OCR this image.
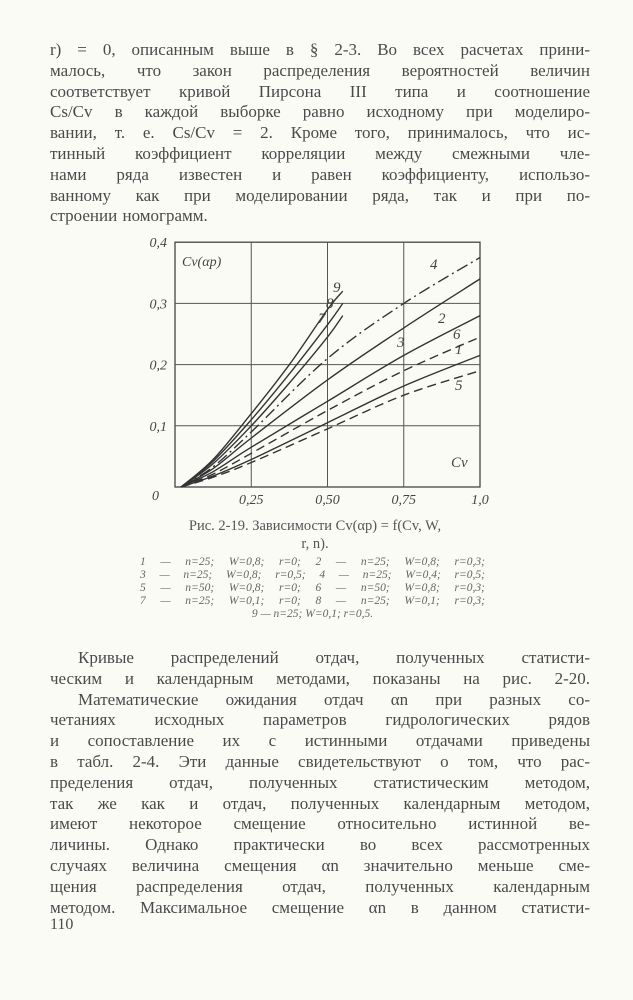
r) = 0, описанным выше в § 2-3. Во всех расчетах прини-
малось, что закон распределения вероятностей величин
соответствует кривой Пирсона III типа и соотношение
Cs/Cv в каждой выборке равно исходному при моделиро-
вании, т. е. Cs/Cv = 2. Кроме того, принималось, что ис-
тинный коэффициент корреляции между смежными чле-
нами ряда известен и равен коэффициенту, использо-
ванному как при моделировании ряда, так и при по-
строении номограмм.
0,25	0,50	0,75	1,0
0,1
0,2
0,3
0,4
0
Cv(αp)
Cv
1
2
3
4
5
6
7
8
9
Рис. 2-19. Зависимости Cv(αp) = f(Cv, W,
r, n).
1 — n=25; W=0,8; r=0; 2 — n=25; W=0,8; r=0,3;
3 — n=25; W=0,8; r=0,5; 4 — n=25; W=0,4; r=0,5;
5 — n=50; W=0,8; r=0; 6 — n=50; W=0,8; r=0,3;
7 — n=25; W=0,1; r=0; 8 — n=25; W=0,1; r=0,3;
9 — n=25; W=0,1; r=0,5.
Кривые распределений отдач, полученных статисти-
ческим и календарным методами, показаны на рис. 2-20.
Математические ожидания отдач αn при разных со-
четаниях исходных параметров гидрологических рядов
и сопоставление их с истинными отдачами приведены
в табл. 2-4. Эти данные свидетельствуют о том, что рас-
пределения отдач, полученных статистическим методом,
так же как и отдач, полученных календарным методом,
имеют некоторое смещение относительно истинной ве-
личины. Однако практически во всех рассмотренных
случаях величина смещения αn значительно меньше сме-
щения распределения отдач, полученных календарным
методом. Максимальное смещение αn в данном статисти-
110
